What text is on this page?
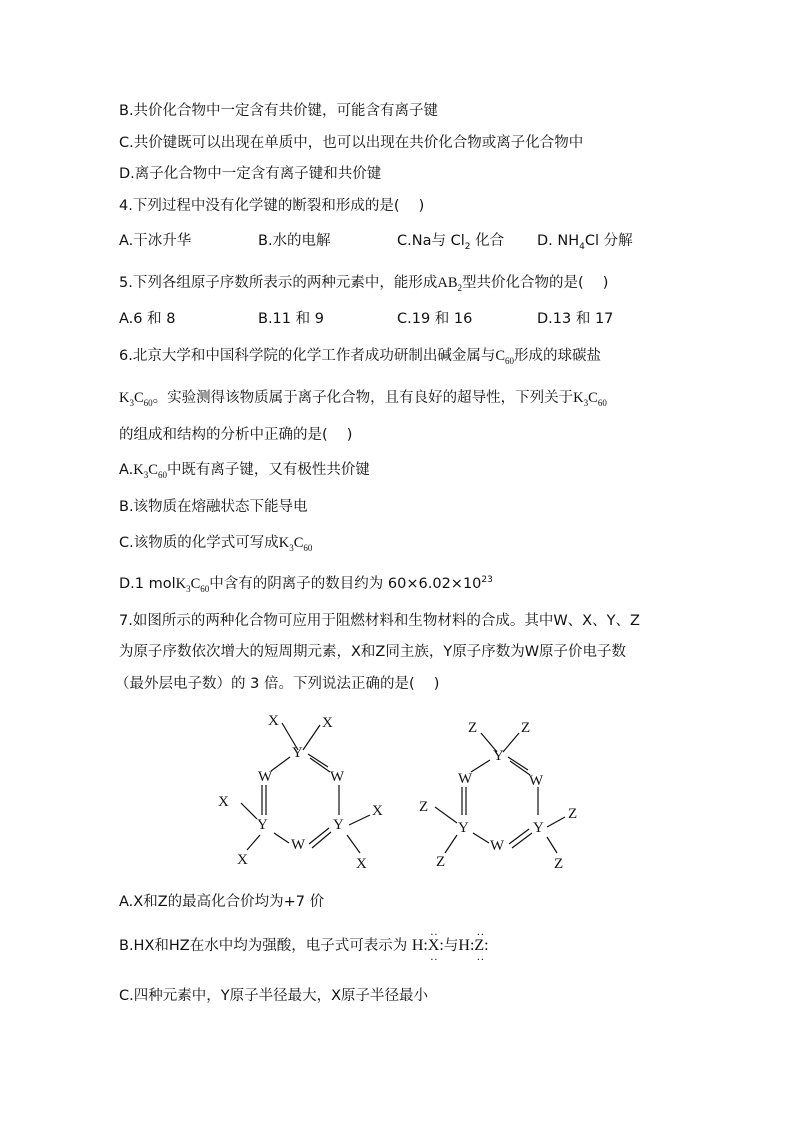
B.共价化合物中一定含有共价键，可能含有离子键
C.共价键既可以出现在单质中，也可以出现在共价化合物或离子化合物中
D.离子化合物中一定含有离子键和共价键
4.下列过程中没有化学键的断裂和形成的是(　 )
A.干冰升华	B.水的电解	C.Na与 $Cl_2$ 化合 D. $NH_4Cl$ 分解
5.下列各组原子序数所表示的两种元素中，能形成$AB_2$型共价化合物的是(　 )
A.6 和 8	B.11 和 9	C.19 和 16	D.13 和 17
6.北京大学和中国科学院的化学工作者成功研制出碱金属与$C_{60}$形成的球碳盐
$K_3C_{60}$。实验测得该物质属于离子化合物，且有良好的超导性，下列关于$K_3C_{60}$
的组成和结构的分析中正确的是(　 )
$A.K_3C_{60}$中既有离子键，又有极性共价键
B.该物质在熔融状态下能导电
C.该物质的化学式可写成$K_3C_{60}$
D.1 $molK_3C_{60}$中含有的阴离子的数目约为 $60\times 6.02\times 10^{23}$
7.如图所示的两种化合物可应用于阻燃材料和生物材料的合成。其中W、X、Y、Z
为原子序数依次增大的短周期元素，X和Z同主族，Y原子序数为W原子价电子数
（最外层电子数）的 3 倍。下列说法正确的是(　 )
X	X
Y
W	W
X
X
Y	Y
W
X	X
Z	Z
Y
W	W
Z	Z
Y	Y
W
Z	Z
A.X和Z的最高化合价均为+7 价
B.HX和HZ在水中均为强酸，电子式可表示为 H:
··
X
··
:与H:
··
Z
··
:
C.四种元素中，Y原子半径最大，X原子半径最小
